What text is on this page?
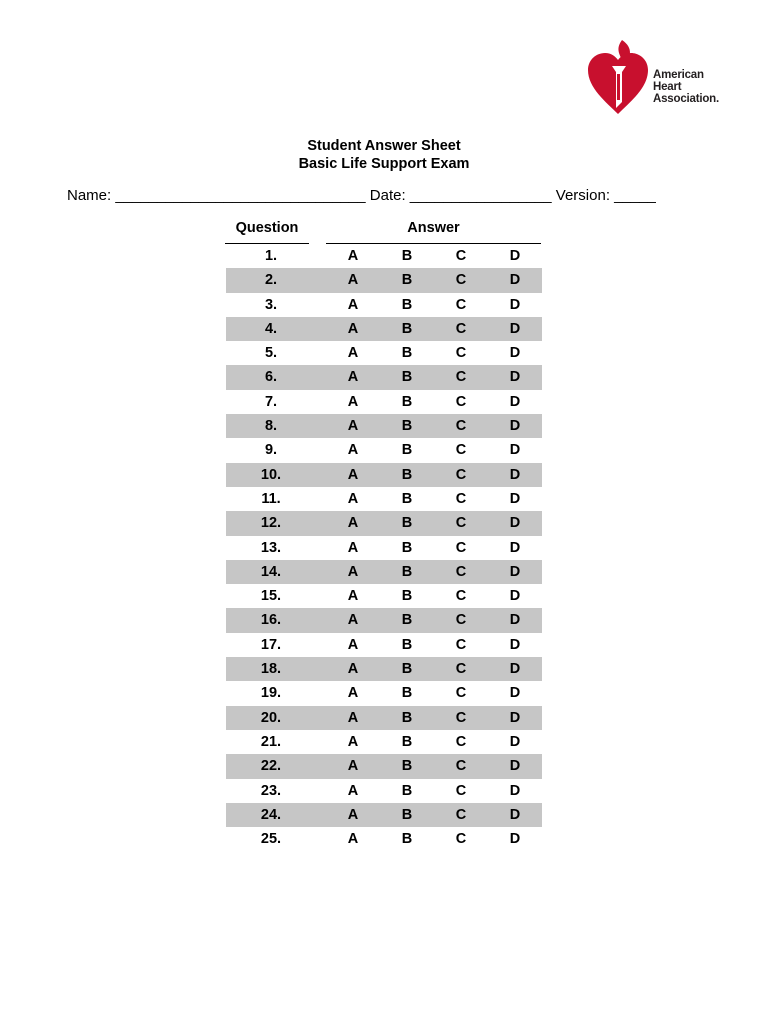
American
Heart
Association.
Student Answer Sheet
Basic Life Support Exam
Name: ______________________________ Date: _________________ Version: _____
Question	Answer
1.	A	B	C	D
2.	A	B	C	D
3.	A	B	C	D
4.	A	B	C	D
5.	A	B	C	D
6.	A	B	C	D
7.	A	B	C	D
8.	A	B	C	D
9.	A	B	C	D
10.	A	B	C	D
11.	A	B	C	D
12.	A	B	C	D
13.	A	B	C	D
14.	A	B	C	D
15.	A	B	C	D
16.	A	B	C	D
17.	A	B	C	D
18.	A	B	C	D
19.	A	B	C	D
20.	A	B	C	D
21.	A	B	C	D
22.	A	B	C	D
23.	A	B	C	D
24.	A	B	C	D
25.	A	B	C	D
